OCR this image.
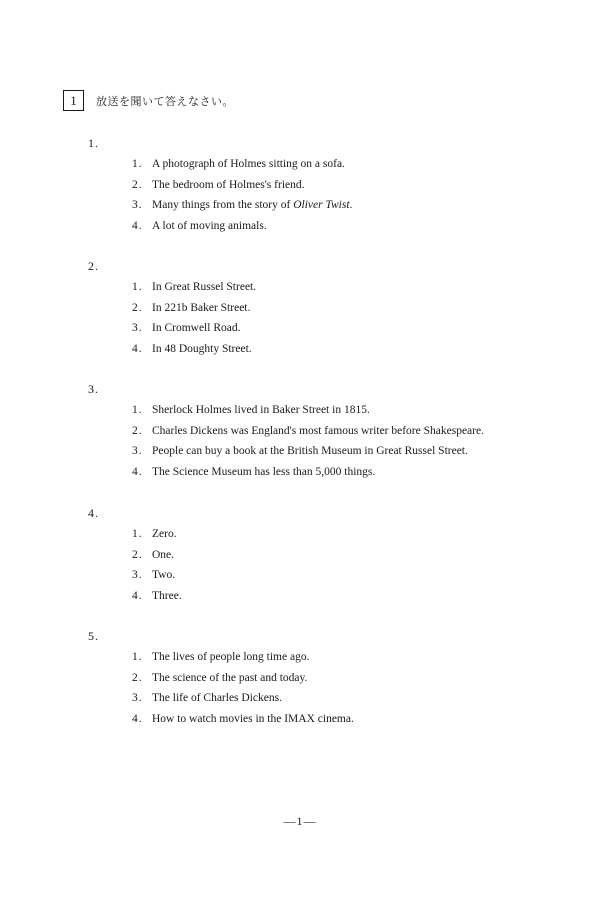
1	放送を聞いて答えなさい。
1.
1. A photograph of Holmes sitting on a sofa.
2. The bedroom of Holmes's friend.
3. Many things from the story of Oliver Twist.
4. A lot of moving animals.
2.
1. In Great Russel Street.
2. In 221b Baker Street.
3. In Cromwell Road.
4. In 48 Doughty Street.
3.
1. Sherlock Holmes lived in Baker Street in 1815.
2. Charles Dickens was England's most famous writer before Shakespeare.
3. People can buy a book at the British Museum in Great Russel Street.
4. The Science Museum has less than 5,000 things.
4.
1. Zero.
2. One.
3. Two.
4. Three.
5.
1. The lives of people long time ago.
2. The science of the past and today.
3. The life of Charles Dickens.
4. How to watch movies in the IMAX cinema.
—1—
